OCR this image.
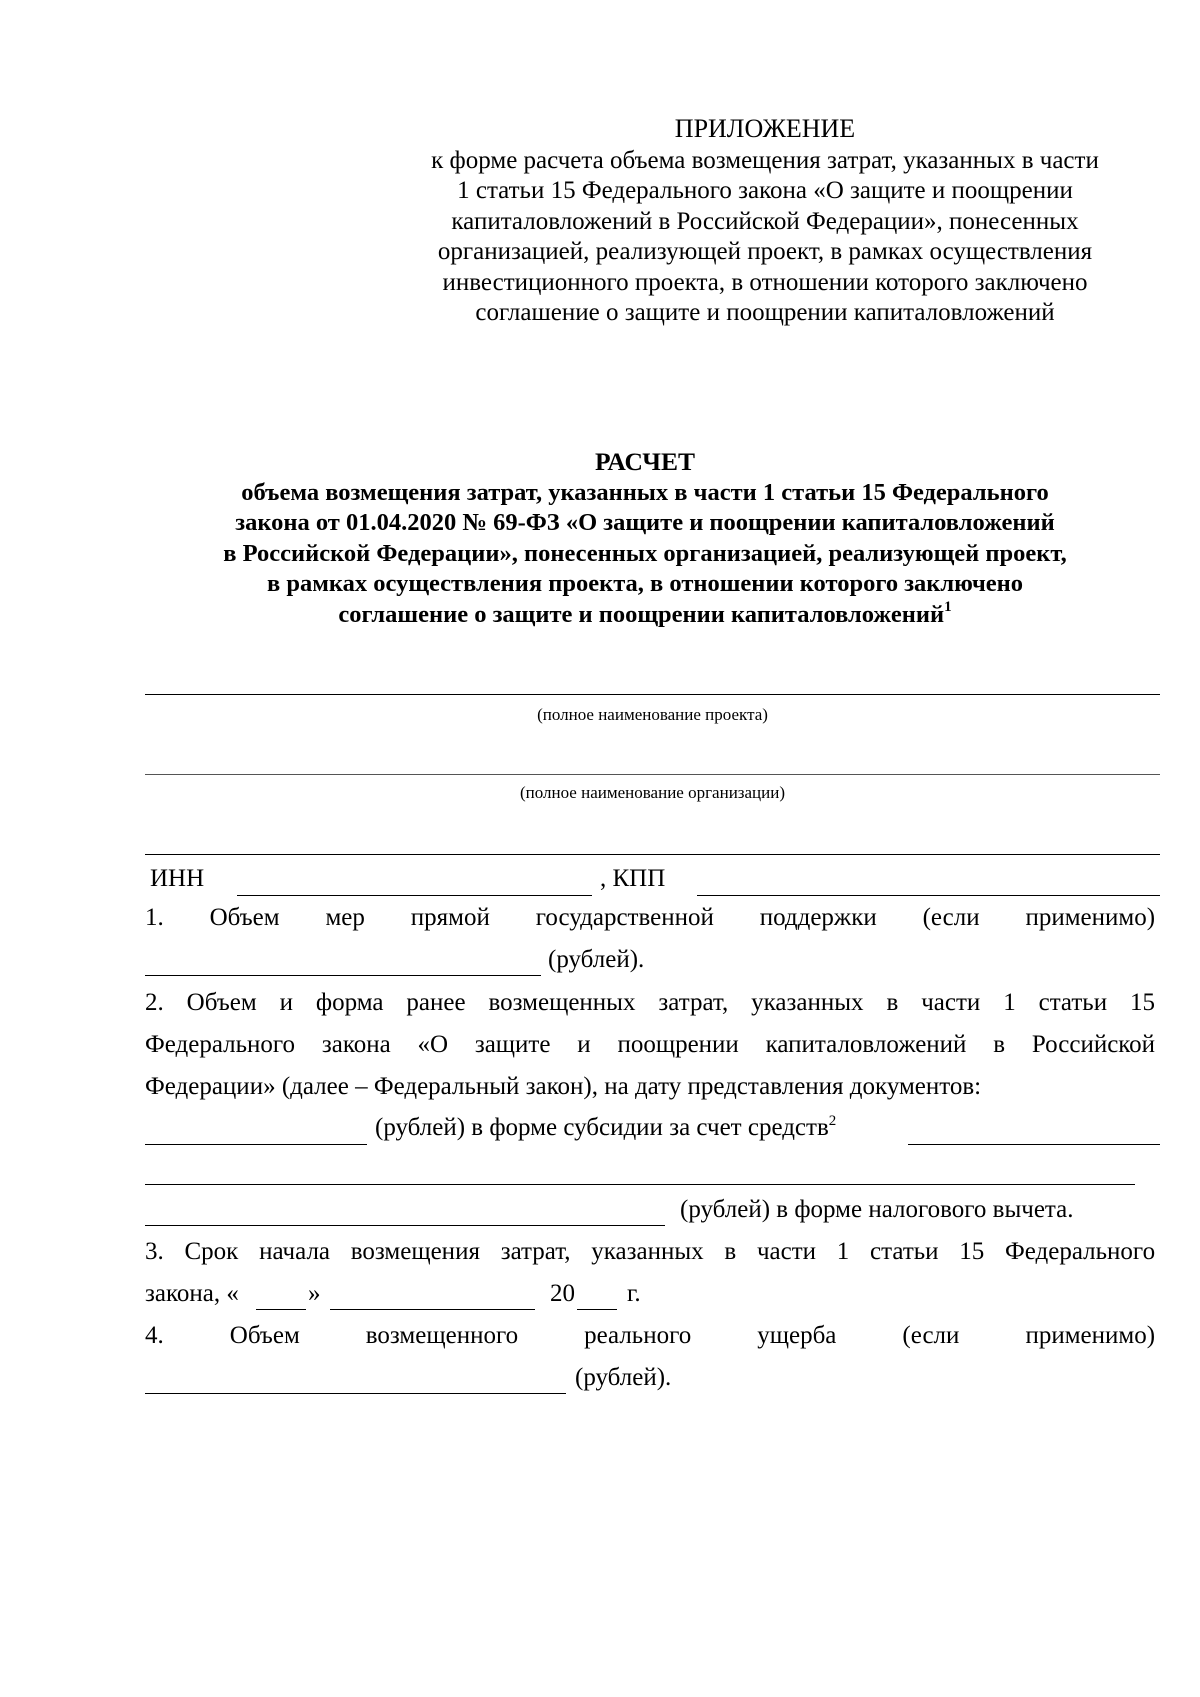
ПРИЛОЖЕНИЕ
к форме расчета объема возмещения затрат, указанных в части
1 статьи 15 Федерального закона «О защите и поощрении
капиталовложений в Российской Федерации», понесенных
организацией, реализующей проект, в рамках осуществления
инвестиционного проекта, в отношении которого заключено
соглашение о защите и поощрении капиталовложений
РАСЧЕТ
объема возмещения затрат, указанных в части 1 статьи 15 Федерального
закона от 01.04.2020 № 69-ФЗ «О защите и поощрении капиталовложений
в Российской Федерации», понесенных организацией, реализующей проект,
в рамках осуществления проекта, в отношении которого заключено
соглашение о защите и поощрении капиталовложений$^1$
(полное наименование проекта)
(полное наименование организации)
ИНН	, КПП
1. Объем мер прямой государственной поддержки (если применимо)
(рублей).
2. Объем и форма ранее возмещенных затрат, указанных в части 1 статьи 15
Федерального закона «О защите и поощрении капиталовложений в Российской
Федерации» (далее – Федеральный закон), на дату представления документов:
(рублей) в форме субсидии за счет средств$^2$
(рублей) в форме налогового вычета.
3. Срок начала возмещения затрат, указанных в части 1 статьи 15 Федерального
закона, «	»	20 г.
4. Объем	возмещенного	реального	ущерба	(если	применимо)
(рублей).
